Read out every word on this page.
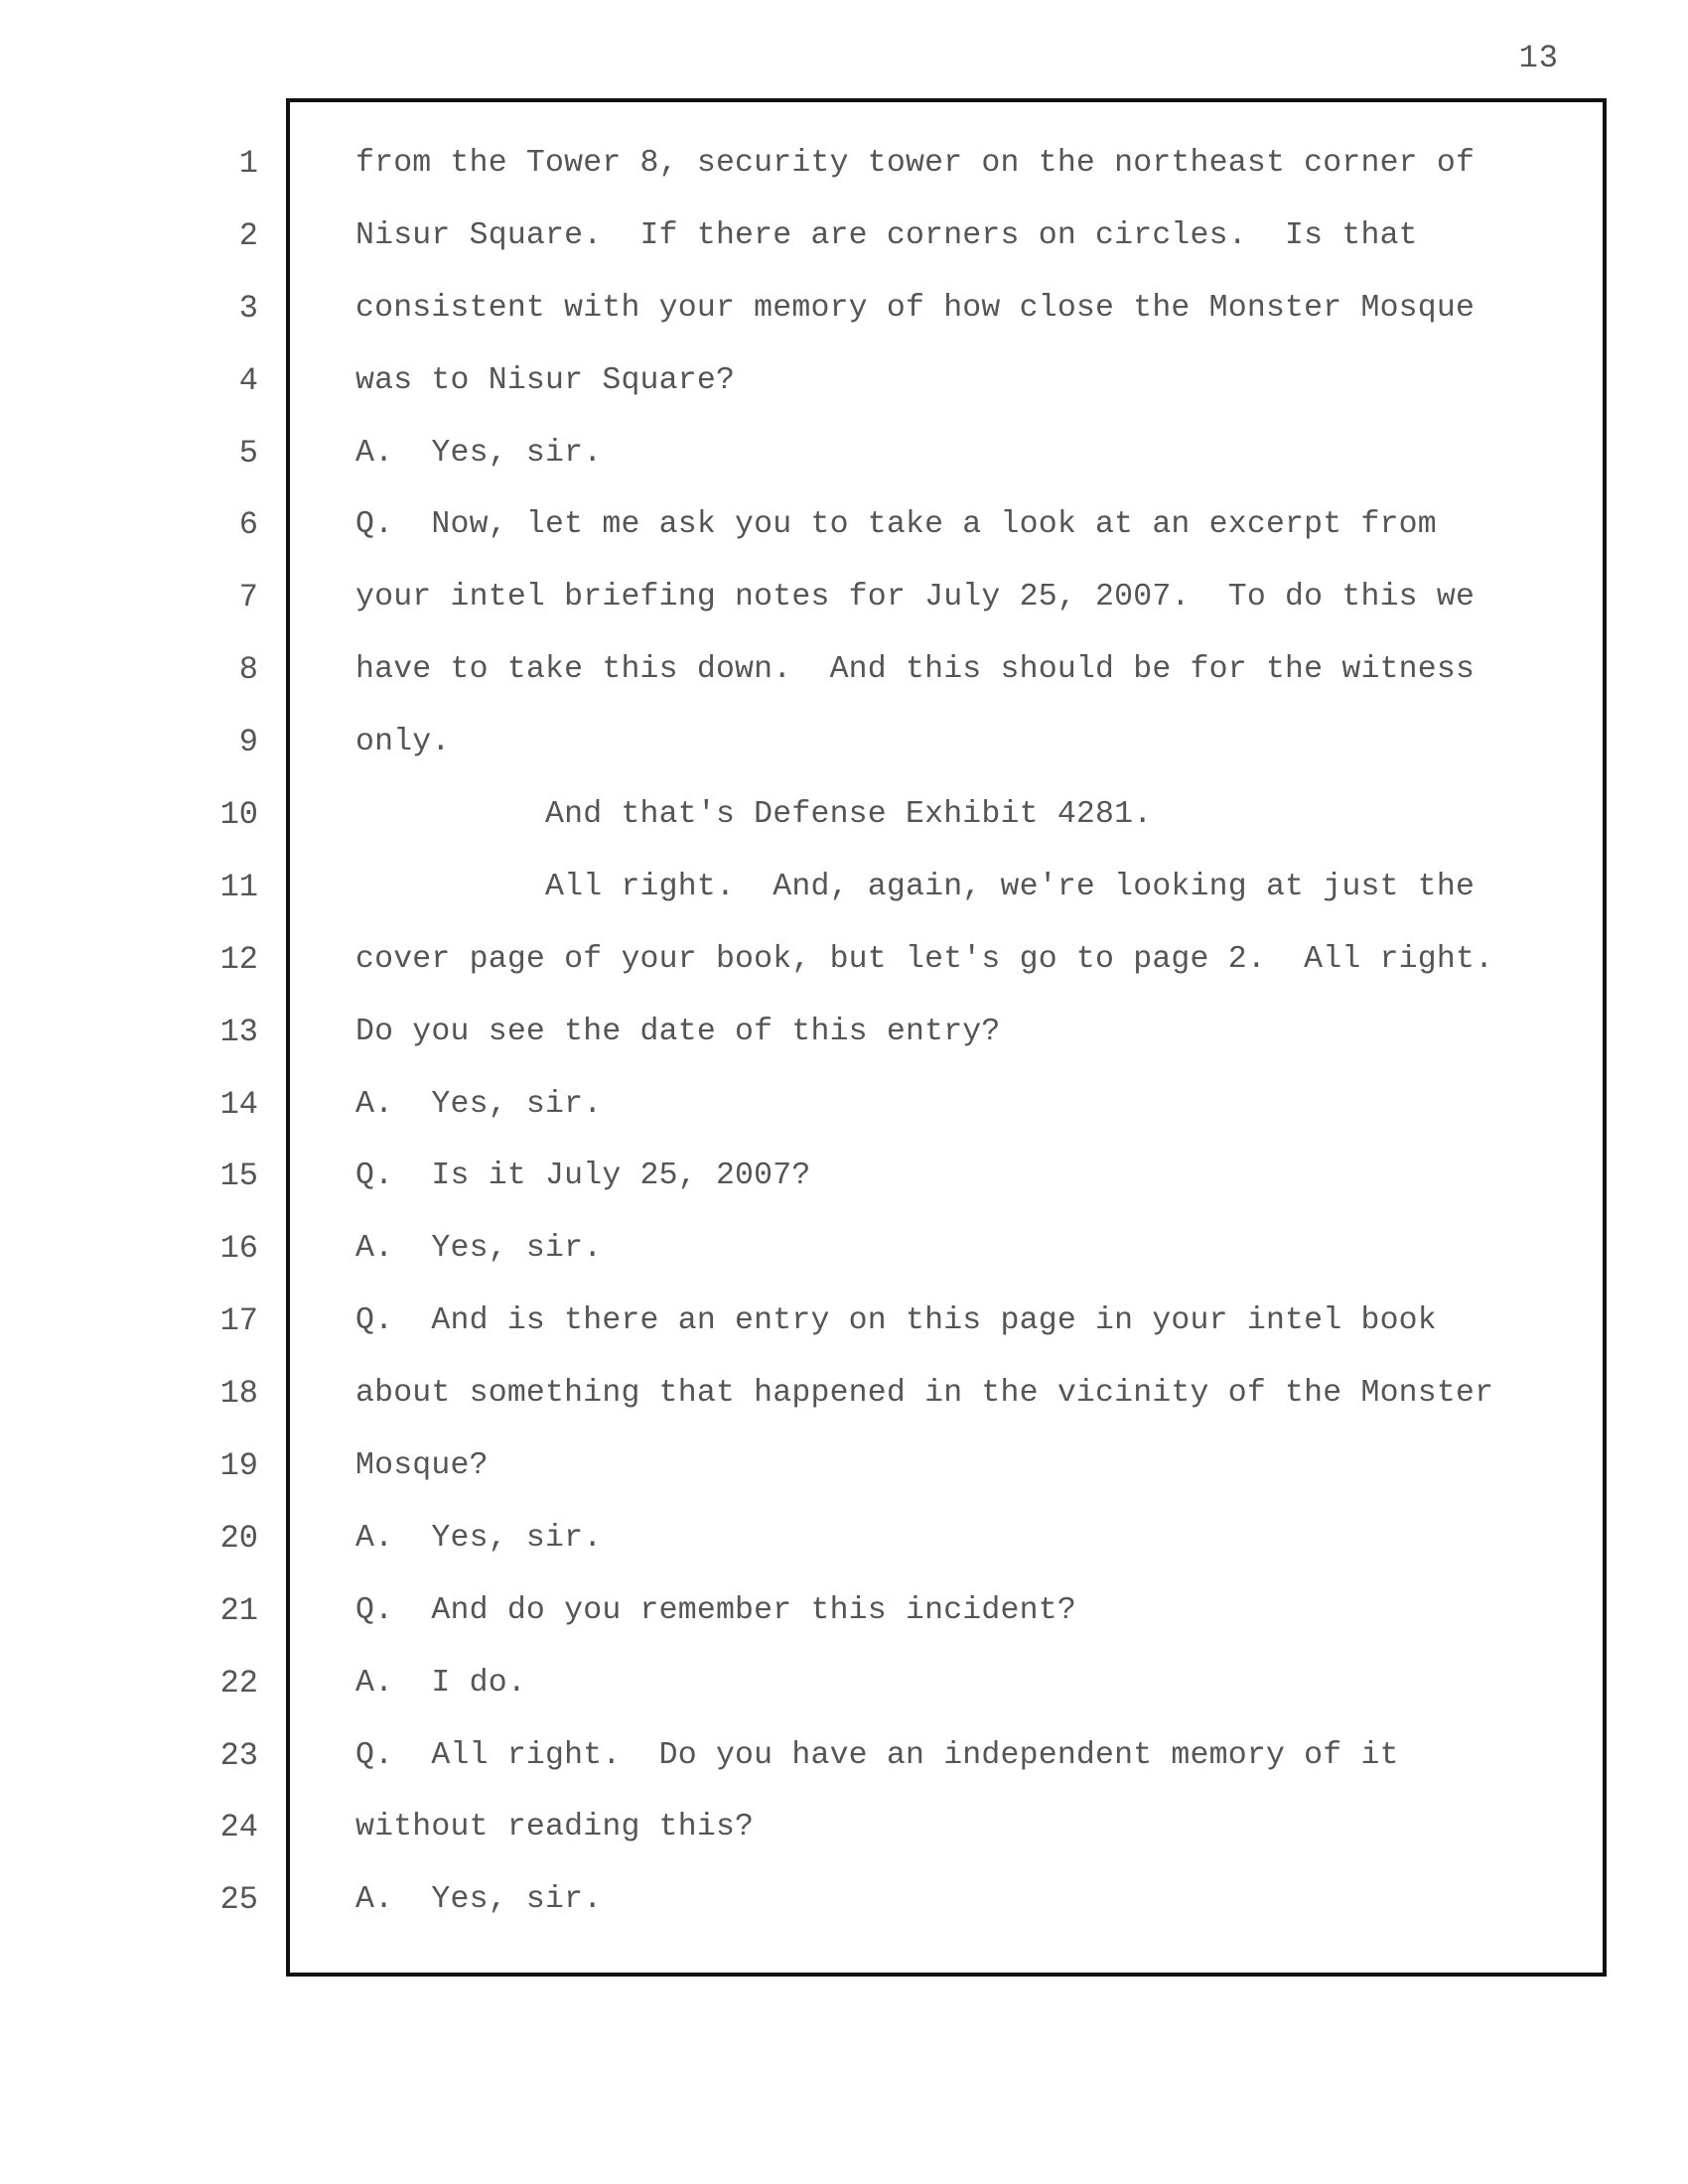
13
1
2
3
4
5
6
7
8
9
10
11
12
13
14
15
16
17
18
19
20
21
22
23
24
25
from the Tower 8, security tower on the northeast corner of
Nisur Square.  If there are corners on circles.  Is that
consistent with your memory of how close the Monster Mosque
was to Nisur Square?
A.  Yes, sir.
Q.  Now, let me ask you to take a look at an excerpt from
your intel briefing notes for July 25, 2007.  To do this we
have to take this down.  And this should be for the witness
only.
And that's Defense Exhibit 4281.
All right.  And, again, we're looking at just the
cover page of your book, but let's go to page 2.  All right.
Do you see the date of this entry?
A.  Yes, sir.
Q.  Is it July 25, 2007?
A.  Yes, sir.
Q.  And is there an entry on this page in your intel book
about something that happened in the vicinity of the Monster
Mosque?
A.  Yes, sir.
Q.  And do you remember this incident?
A.  I do.
Q.  All right.  Do you have an independent memory of it
without reading this?
A.  Yes, sir.
